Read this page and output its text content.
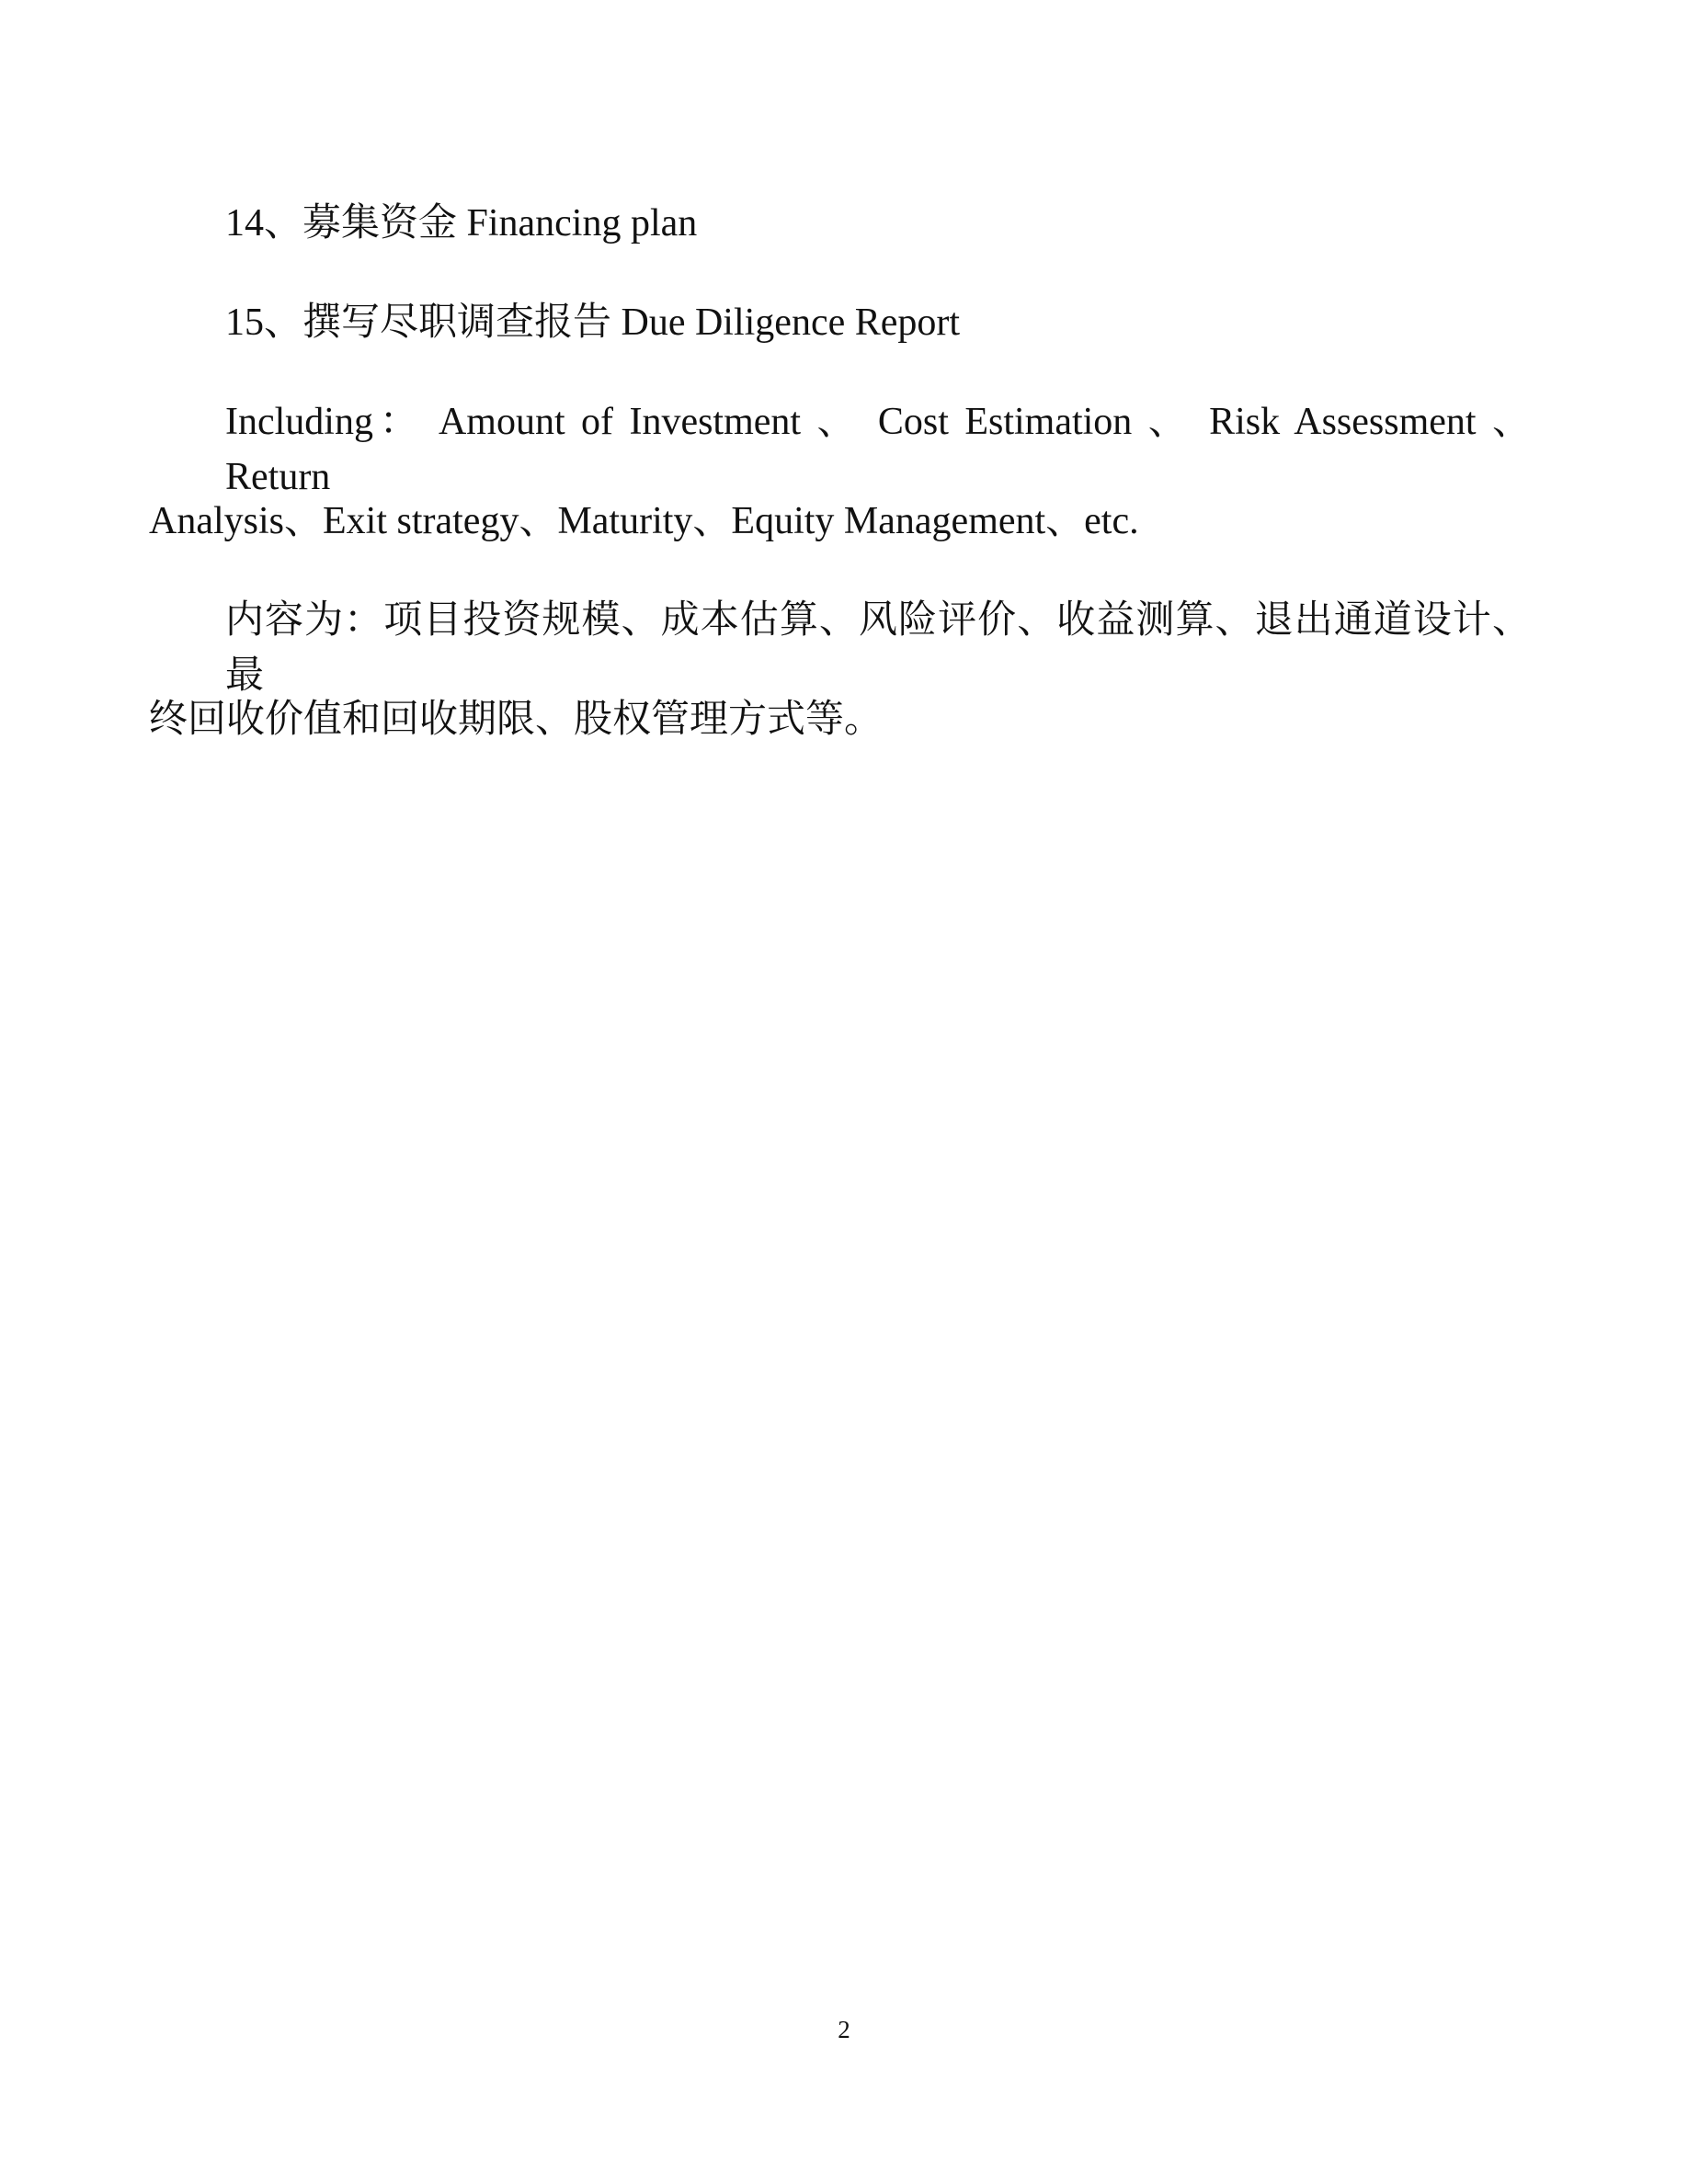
14、募集资金 Financing plan
15、撰写尽职调查报告 Due Diligence Report
Including： Amount of Investment 、 Cost Estimation 、 Risk Assessment 、 Return
Analysis、Exit strategy、Maturity、Equity Management、etc.
内容为：项目投资规模、成本估算、风险评价、收益测算、退出通道设计、最
终回收价值和回收期限、股权管理方式等。
2
